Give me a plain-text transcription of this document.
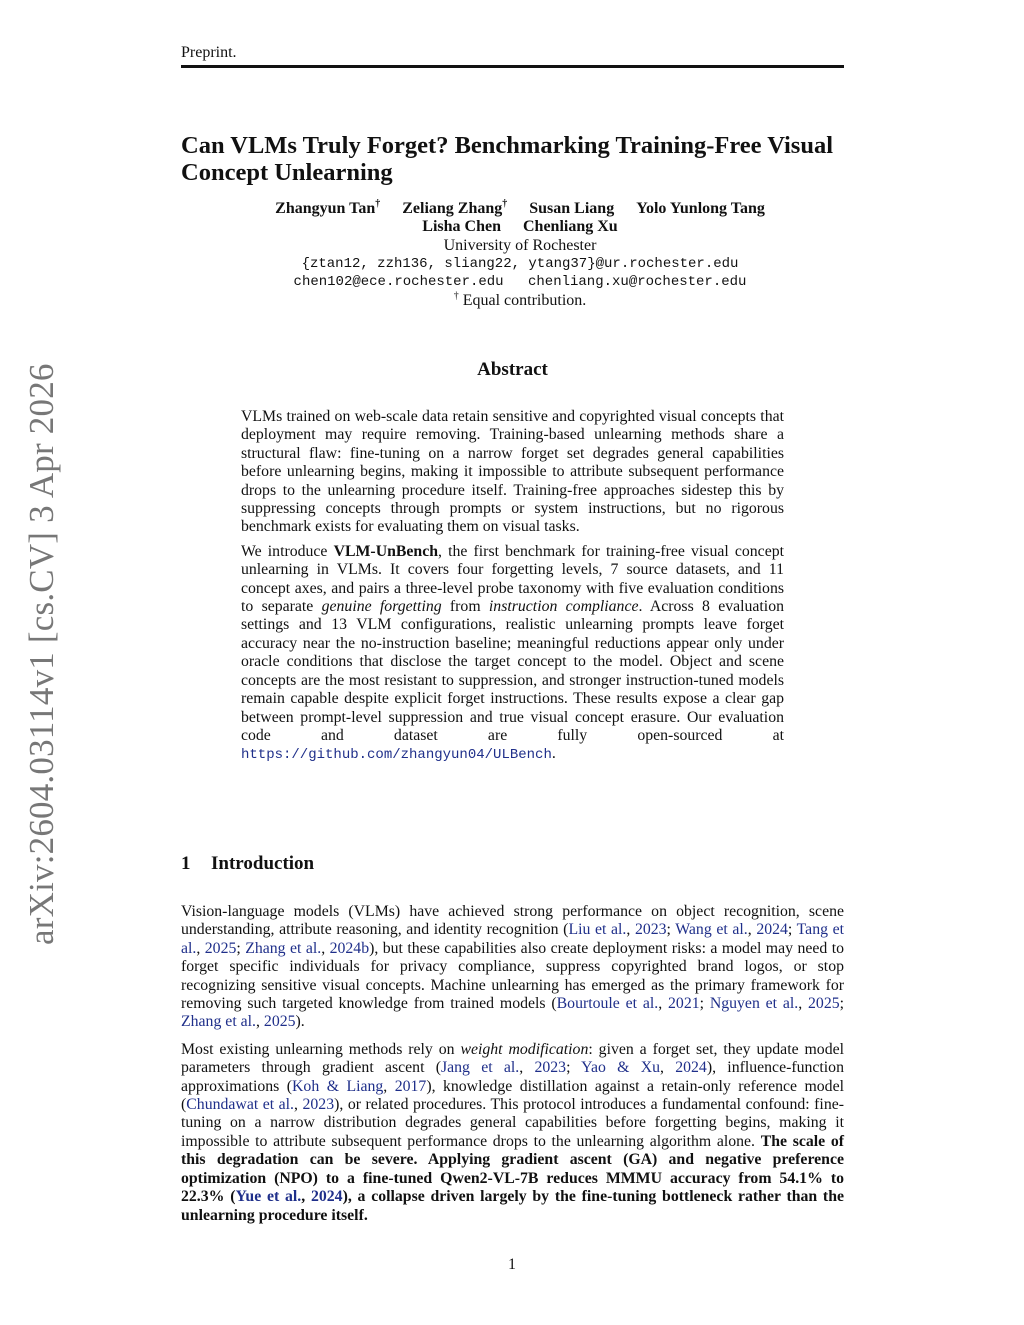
Preprint.
arXiv:2604.03114v1 [cs.CV] 3 Apr 2026
Can VLMs Truly Forget? Benchmarking Training-Free Visual Concept Unlearning
Zhangyun Tan† Zeliang Zhang† Susan Liang Yolo Yunlong Tang
Lisha Chen Chenliang Xu
University of Rochester
{ztan12, zzh136, sliang22, ytang37}@ur.rochester.edu
chen102@ece.rochester.edu chenliang.xu@rochester.edu
† Equal contribution.
Abstract

VLMs trained on web-scale data retain sensitive and copyrighted visual concepts that deployment may require removing. Training-based unlearning methods share a structural flaw: fine-tuning on a narrow forget set degrades general capabilities before unlearning begins, making it impossible to attribute subsequent performance drops to the unlearning procedure itself. Training-free approaches sidestep this by suppressing concepts through prompts or system instructions, but no rigorous benchmark exists for evaluating them on visual tasks.

We introduce VLM-UnBench, the first benchmark for training-free visual concept unlearning in VLMs. It covers four forgetting levels, 7 source datasets, and 11 concept axes, and pairs a three-level probe taxonomy with five evaluation conditions to separate genuine forgetting from instruction compliance. Across 8 evaluation settings and 13 VLM configurations, realistic unlearning prompts leave forget accuracy near the no-instruction baseline; meaningful reductions appear only under oracle conditions that disclose the target concept to the model. Object and scene concepts are the most resistant to suppression, and stronger instruction-tuned models remain capable despite explicit forget instructions. These results expose a clear gap between prompt-level suppression and true visual concept erasure. Our evaluation code and dataset are fully open-sourced at https://github.com/zhangyun04/ULBench.

1 Introduction

Vision-language models (VLMs) have achieved strong performance on object recognition, scene understanding, attribute reasoning, and identity recognition (Liu et al., 2023; Wang et al., 2024; Tang et al., 2025; Zhang et al., 2024b), but these capabilities also create deployment risks: a model may need to forget specific individuals for privacy compliance, suppress copyrighted brand logos, or stop recognizing sensitive visual concepts. Machine unlearning has emerged as the primary framework for removing such targeted knowledge from trained models (Bourtoule et al., 2021; Nguyen et al., 2025; Zhang et al., 2025).

Most existing unlearning methods rely on weight modification: given a forget set, they update model parameters through gradient ascent (Jang et al., 2023; Yao & Xu, 2024), influence-function approximations (Koh & Liang, 2017), knowledge distillation against a retain-only reference model (Chundawat et al., 2023), or related procedures. This protocol introduces a fundamental confound: fine-tuning on a narrow distribution degrades general capabilities before forgetting begins, making it impossible to attribute subsequent performance drops to the unlearning algorithm alone. The scale of this degradation can be severe. Applying gradient ascent (GA) and negative preference optimization (NPO) to a fine-tuned Qwen2-VL-7B reduces MMMU accuracy from 54.1% to 22.3% (Yue et al., 2024), a collapse driven largely by the fine-tuning bottleneck rather than the unlearning procedure itself.

1
